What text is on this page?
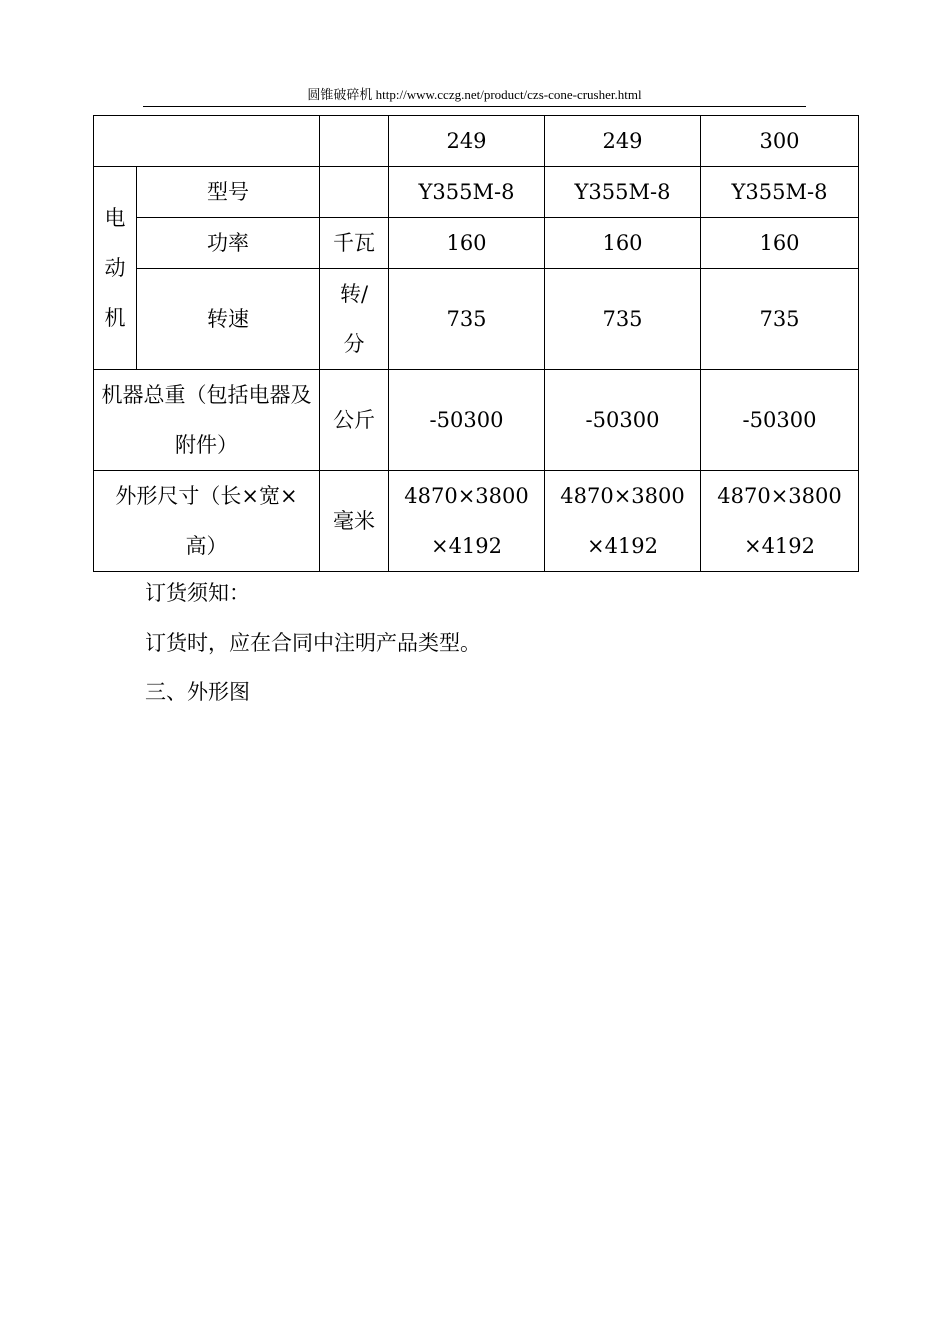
圆锥破碎机 http://www.cczg.net/product/czs-cone-crusher.html
			249	249	300
电动机	型号		Y355M-8	Y355M-8	Y355M-8
	功率	千瓦	160	160	160
	转速	转/分	735	735	735
机器总重（包括电器及附件）		公斤	-50300	-50300	-50300
外形尺寸（长×宽×高）		毫米	4870×3800×4192	4870×3800×4192	4870×3800×4192
订货须知：
订货时，应在合同中注明产品类型。
三、外形图
